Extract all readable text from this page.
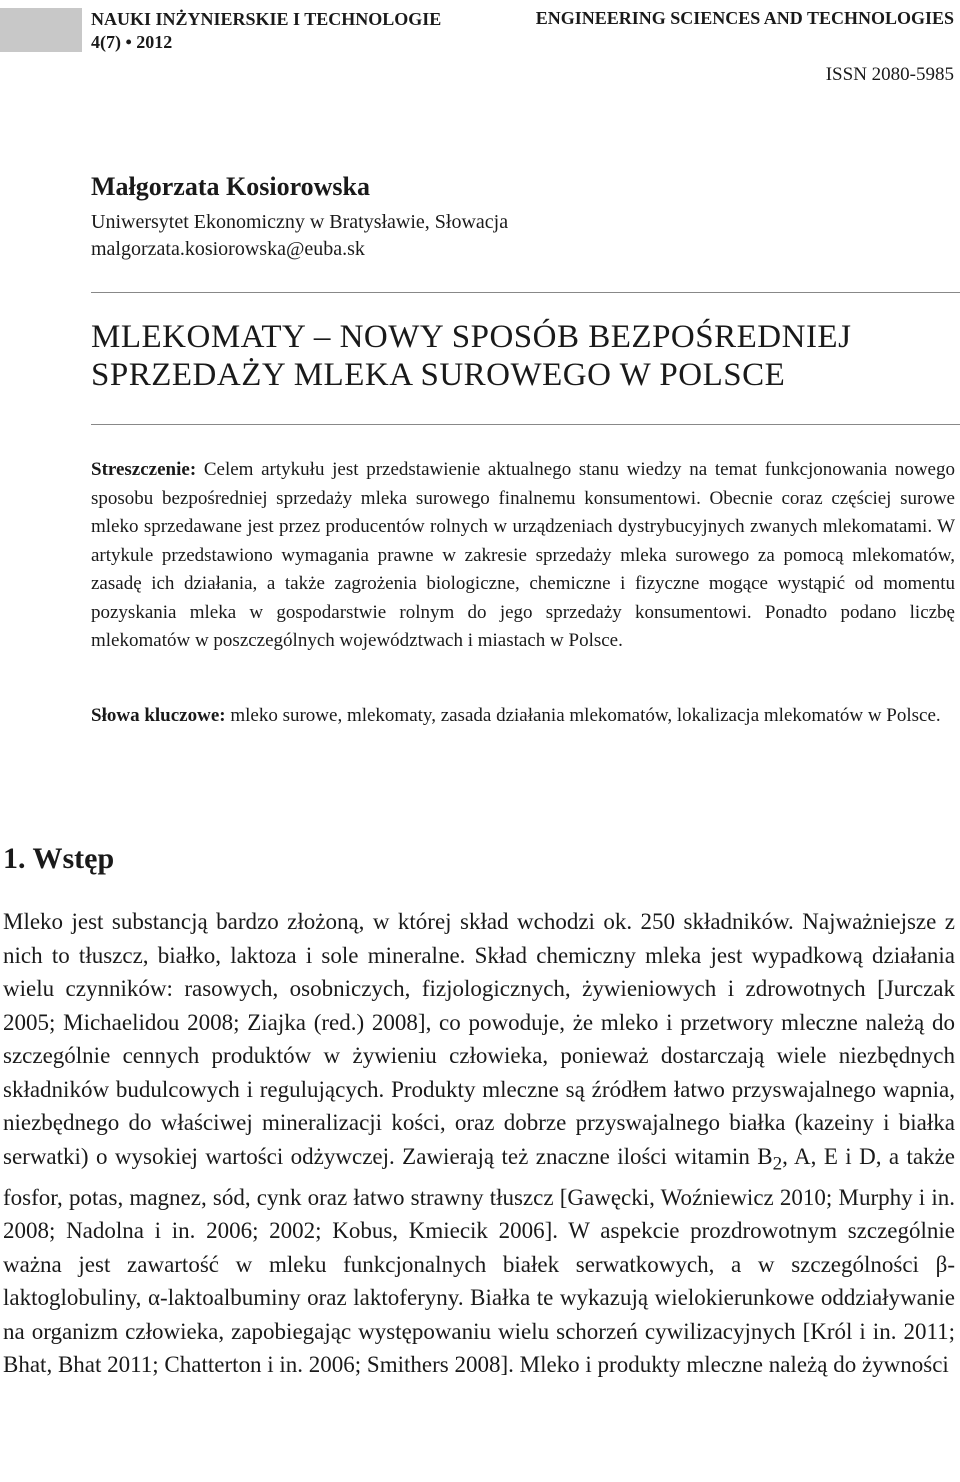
NAUKI INŻYNIERSKIE I TECHNOLOGIE
4(7) • 2012
ENGINEERING SCIENCES AND TECHNOLOGIES
ISSN 2080-5985
Małgorzata Kosiorowska
Uniwersytet Ekonomiczny w Bratysławie, Słowacja
malgorzata.kosiorowska@euba.sk
MLEKOMATY – NOWY SPOSÓB BEZPOŚREDNIEJ
SPRZEDAŻY MLEKA SUROWEGO W POLSCE
Streszczenie: Celem artykułu jest przedstawienie aktualnego stanu wiedzy na temat funkcjonowania nowego sposobu bezpośredniej sprzedaży mleka surowego finalnemu konsumentowi. Obecnie coraz częściej surowe mleko sprzedawane jest przez producentów rolnych w urządzeniach dystrybucyjnych zwanych mlekomatami. W artykule przedstawiono wymagania prawne w zakresie sprzedaży mleka surowego za pomocą mlekomatów, zasadę ich działania, a także zagrożenia biologiczne, chemiczne i fizyczne mogące wystąpić od momentu pozyskania mleka w gospodarstwie rolnym do jego sprzedaży konsumentowi. Ponadto podano liczbę mlekomatów w poszczególnych województwach i miastach w Polsce.
Słowa kluczowe: mleko surowe, mlekomaty, zasada działania mlekomatów, lokalizacja mlekomatów w Polsce.
1. Wstęp
Mleko jest substancją bardzo złożoną, w której skład wchodzi ok. 250 składników. Najważniejsze z nich to tłuszcz, białko, laktoza i sole mineralne. Skład chemiczny mleka jest wypadkową działania wielu czynników: rasowych, osobniczych, fizjologicznych, żywieniowych i zdrowotnych [Jurczak 2005; Michaelidou 2008; Ziajka (red.) 2008], co powoduje, że mleko i przetwory mleczne należą do szczególnie cennych produktów w żywieniu człowieka, ponieważ dostarczają wiele niezbędnych składników budulcowych i regulujących. Produkty mleczne są źródłem łatwo przyswajalnego wapnia, niezbędnego do właściwej mineralizacji kości, oraz dobrze przyswajalnego białka (kazeiny i białka serwatki) o wysokiej wartości odżywczej. Zawierają też znaczne ilości witamin $B_2$, A, E i D, a także fosfor, potas, magnez, sód, cynk oraz łatwo strawny tłuszcz [Gawęcki, Woźniewicz 2010; Murphy i in. 2008; Nadolna i in. 2006; 2002; Kobus, Kmiecik 2006]. W aspekcie prozdrowotnym szczególnie ważna jest zawartość w mleku funkcjonalnych białek serwatkowych, a w szczególności β-laktoglobuliny, α-laktoalbuminy oraz laktoferyny. Białka te wykazują wielokierunkowe oddziaływanie na organizm człowieka, zapobiegając występowaniu wielu schorzeń cywilizacyjnych [Król i in. 2011; Bhat, Bhat 2011; Chatterton i in. 2006; Smithers 2008]. Mleko i produkty mleczne należą do żywności
